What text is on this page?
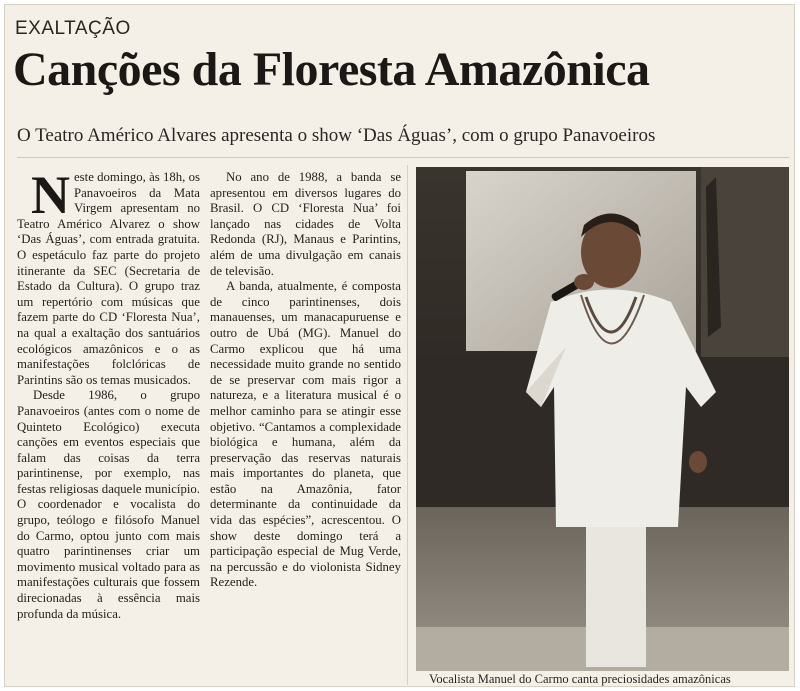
EXALTAÇÃO
Canções da Floresta Amazônica
O Teatro Américo Alvares apresenta o show ‘Das Águas’, com o grupo Panavoeiros

Neste domingo, às 18h, os Panavoeiros da Mata Virgem apresentam no Teatro Américo Alvarez o show ‘Das Águas’, com entrada gratuita. O espetáculo faz parte do projeto itinerante da SEC (Secretaria de Estado da Cultura). O grupo traz um repertório com músicas que fazem parte do CD ‘Floresta Nua’, na qual a exaltação dos santuários ecológicos amazônicos e o as manifestações folclóricas de Parintins são os temas musicados.

Desde 1986, o grupo Panavoeiros (antes com o nome de Quinteto Ecológico) executa canções em eventos especiais que falam das coisas da terra parintinense, por exemplo, nas festas religiosas daquele município. O coordenador e vocalista do grupo, teólogo e filósofo Manuel do Carmo, optou junto com mais quatro parintinenses criar um movimento musical voltado para as manifestações culturais que fossem direcionadas à essência mais profunda da música.

No ano de 1988, a banda se apresentou em diversos lugares do Brasil. O CD ‘Floresta Nua’ foi lançado nas cidades de Volta Redonda (RJ), Manaus e Parintins, além de uma divulgação em canais de televisão.

A banda, atualmente, é composta de cinco parintinenses, dois manauenses, um manacapuruense e outro de Ubá (MG). Manuel do Carmo explicou que há uma necessidade muito grande no sentido de se preservar com mais rigor a natureza, e a literatura musical é o melhor caminho para se atingir esse objetivo. “Cantamos a complexidade biológica e humana, além da preservação das reservas naturais mais importantes do planeta, que estão na Amazônia, fator determinante da continuidade da vida das espécies”, acrescentou. O show deste domingo terá a participação especial de Mug Verde, na percussão e do violonista Sidney Rezende.

Vocalista Manuel do Carmo canta preciosidades amazônicas
